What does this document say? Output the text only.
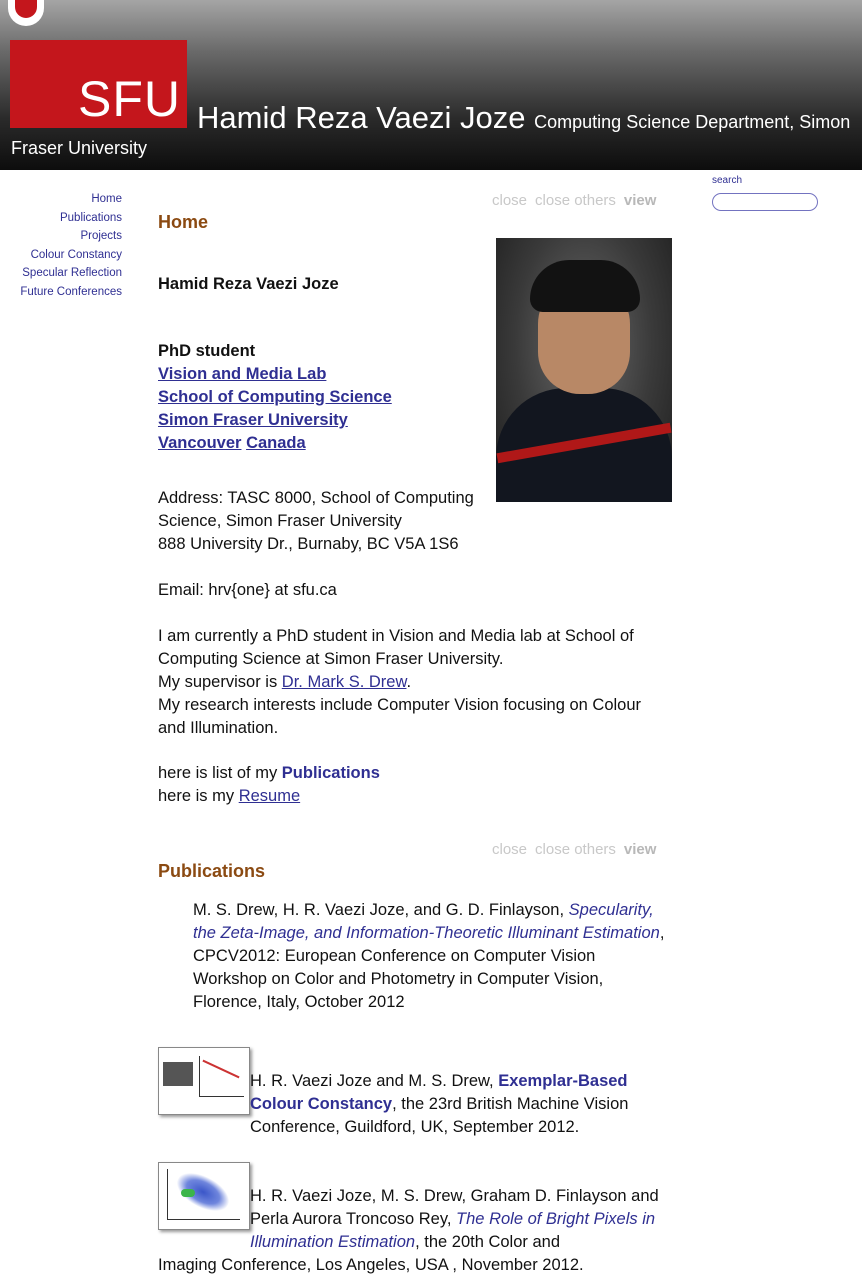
SFU Hamid Reza Vaezi Joze Computing Science Department, Simon
Fraser University
Home
Publications
Projects
Colour Constancy
Specular Reflection
Future Conferences
search
close close others view
Home
Hamid Reza Vaezi Joze
PhD student
Vision and Media Lab
School of Computing Science
Simon Fraser University
Vancouver Canada
Address: TASC 8000, School of Computing
Science, Simon Fraser University
888 University Dr., Burnaby, BC V5A 1S6
Email: hrv{one} at sfu.ca
I am currently a PhD student in Vision and Media lab at School of Computing Science at Simon Fraser University.
My supervisor is Dr. Mark S. Drew.
My research interests include Computer Vision focusing on Colour and Illumination.
here is list of my Publications
here is my Resume
close close others view
Publications
M. S. Drew, H. R. Vaezi Joze, and G. D. Finlayson, Specularity, the Zeta-Image, and Information-Theoretic Illuminant Estimation, CPCV2012: European Conference on Computer Vision Workshop on Color and Photometry in Computer Vision, Florence, Italy, October 2012
H. R. Vaezi Joze and M. S. Drew, Exemplar-Based Colour Constancy, the 23rd British Machine Vision Conference, Guildford, UK, September 2012.
H. R. Vaezi Joze, M. S. Drew, Graham D. Finlayson and Perla Aurora Troncoso Rey, The Role of Bright Pixels in Illumination Estimation, the 20th Color and
Imaging Conference, Los Angeles, USA , November 2012.
